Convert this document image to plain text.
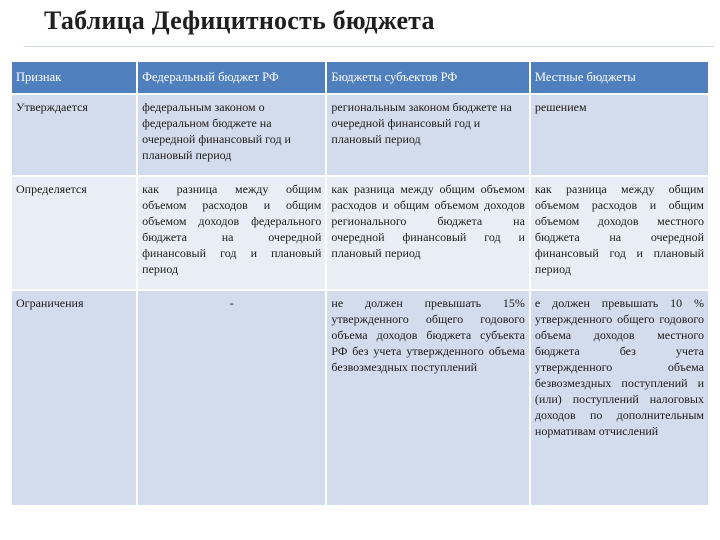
Таблица Дефицитность бюджета
Признак	Федеральный бюджет РФ	Бюджеты субъектов РФ	Местные бюджеты
Утверждается	федеральным законом о федеральном бюджете на очередной финансовый год и плановый период	региональным законом бюджете на очередной финансовый год и плановый период	решением
Определяется	как разница между общим объемом расходов и общим объемом доходов федерального бюджета на очередной финансовый год и плановый период	как разница между общим объемом расходов и общим объемом доходов регионального бюджета на очередной финансовый год и плановый период	как разница между общим объемом расходов и общим объемом доходов местного бюджета на очередной финансовый год и плановый период
Ограничения	-	не должен превышать 15% утвержденного общего годового объема доходов бюджета субъекта РФ без учета утвержденного объема безвозмездных поступлений	е должен превышать 10 % утвержденного общего годового объема доходов местного бюджета без учета утвержденного объема безвозмездных поступлений и (или) поступлений налоговых доходов по дополнительным нормативам отчислений
